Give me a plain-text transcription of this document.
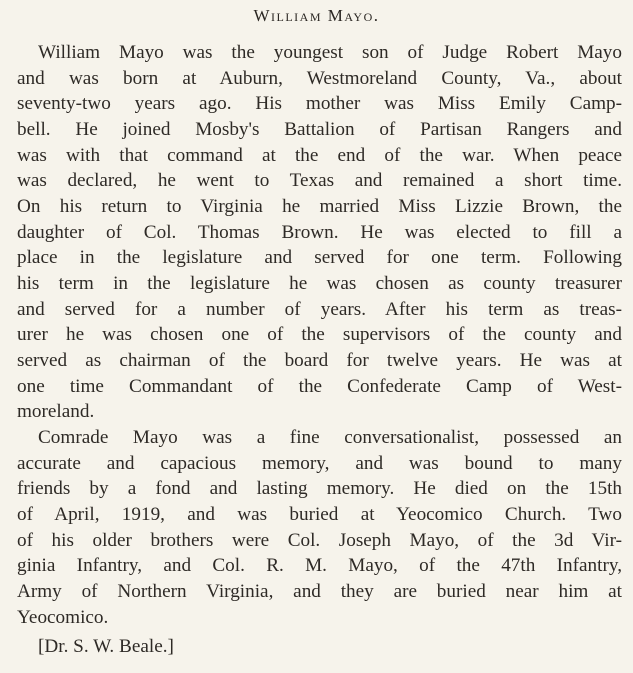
William Mayo.
William Mayo was the youngest son of Judge Robert Mayo
and was born at Auburn, Westmoreland County, Va., about
seventy-two years ago. His mother was Miss Emily Camp-
bell. He joined Mosby's Battalion of Partisan Rangers and
was with that command at the end of the war. When peace
was declared, he went to Texas and remained a short time.
On his return to Virginia he married Miss Lizzie Brown, the
daughter of Col. Thomas Brown. He was elected to fill a
place in the legislature and served for one term. Following
his term in the legislature he was chosen as county treasurer
and served for a number of years. After his term as treas-
urer he was chosen one of the supervisors of the county and
served as chairman of the board for twelve years. He was at
one time Commandant of the Confederate Camp of West-
moreland.
Comrade Mayo was a fine conversationalist, possessed an
accurate and capacious memory, and was bound to many
friends by a fond and lasting memory. He died on the 15th
of April, 1919, and was buried at Yeocomico Church. Two
of his older brothers were Col. Joseph Mayo, of the 3d Vir-
ginia Infantry, and Col. R. M. Mayo, of the 47th Infantry,
Army of Northern Virginia, and they are buried near him at
Yeocomico.
[Dr. S. W. Beale.]
